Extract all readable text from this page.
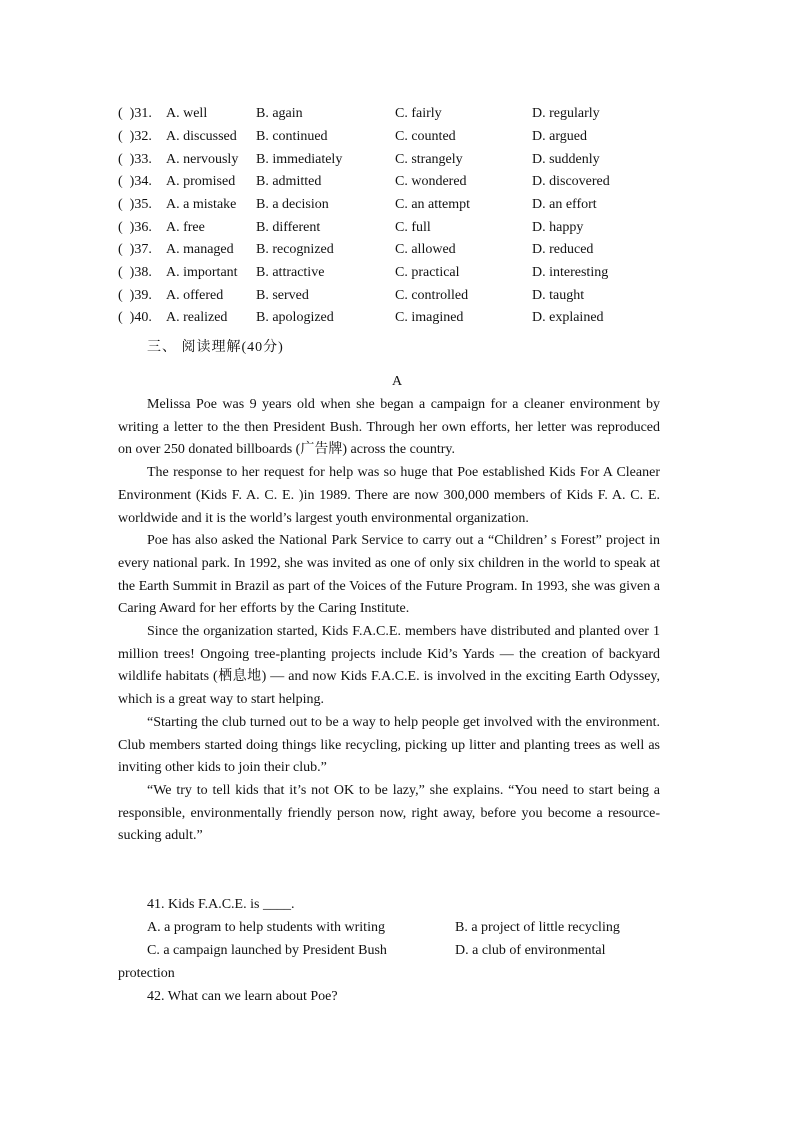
(  )31. A. well	B. again	C. fairly	D. regularly
(  )32. A. discussed B. continued	C. counted	D. argued
(  )33. A. nervously B. immediately	C. strangely	D. suddenly
(  )34. A. promised B. admitted	C. wondered	D. discovered
(  )35. A. a mistake B. a decision	C. an attempt	D. an effort
(  )36. A. free	B. different	C. full	D. happy
(  )37. A. managed B. recognized	C. allowed	D. reduced
(  )38. A. important B. attractive	C. practical	D. interesting
(  )39. A. offered B. served	C. controlled	D. taught
(  )40. A. realized B. apologized	C. imagined	D. explained
三、 阅读理解(40分)
A

Melissa Poe was 9 years old when she began a campaign for a cleaner environment by writing a letter to the then President Bush. Through her own efforts, her letter was reproduced on over 250 donated billboards (广告牌) across the country.

The response to her request for help was so huge that Poe established Kids For A Cleaner Environment (Kids F. A. C. E. )in 1989. There are now 300,000 members of Kids F. A. C. E. worldwide and it is the world’s largest youth environmental organization.

Poe has also asked the National Park Service to carry out a “Children’ s Forest” project in every national park. In 1992, she was invited as one of only six children in the world to speak at the Earth Summit in Brazil as part of the Voices of the Future Program. In 1993, she was given a Caring Award for her efforts by the Caring Institute.

Since the organization started, Kids F.A.C.E. members have distributed and planted over 1 million trees! Ongoing tree-planting projects include Kid’s Yards — the creation of backyard wildlife habitats (栖息地) — and now Kids F.A.C.E. is involved in the exciting Earth Odyssey, which is a great way to start helping.

“Starting the club turned out to be a way to help people get involved with the environment. Club members started doing things like recycling, picking up litter and planting trees as well as inviting other kids to join their club.”

“We try to tell kids that it’s not OK to be lazy,” she explains. “You need to start being a responsible, environmentally friendly person now, right away, before you become a resource-sucking adult.”

41. Kids F.A.C.E. is ____.
A. a program to help students with writing	B. a project of little recycling
C. a campaign launched by President Bush	D. a club of environmental
protection
42. What can we learn about Poe?
